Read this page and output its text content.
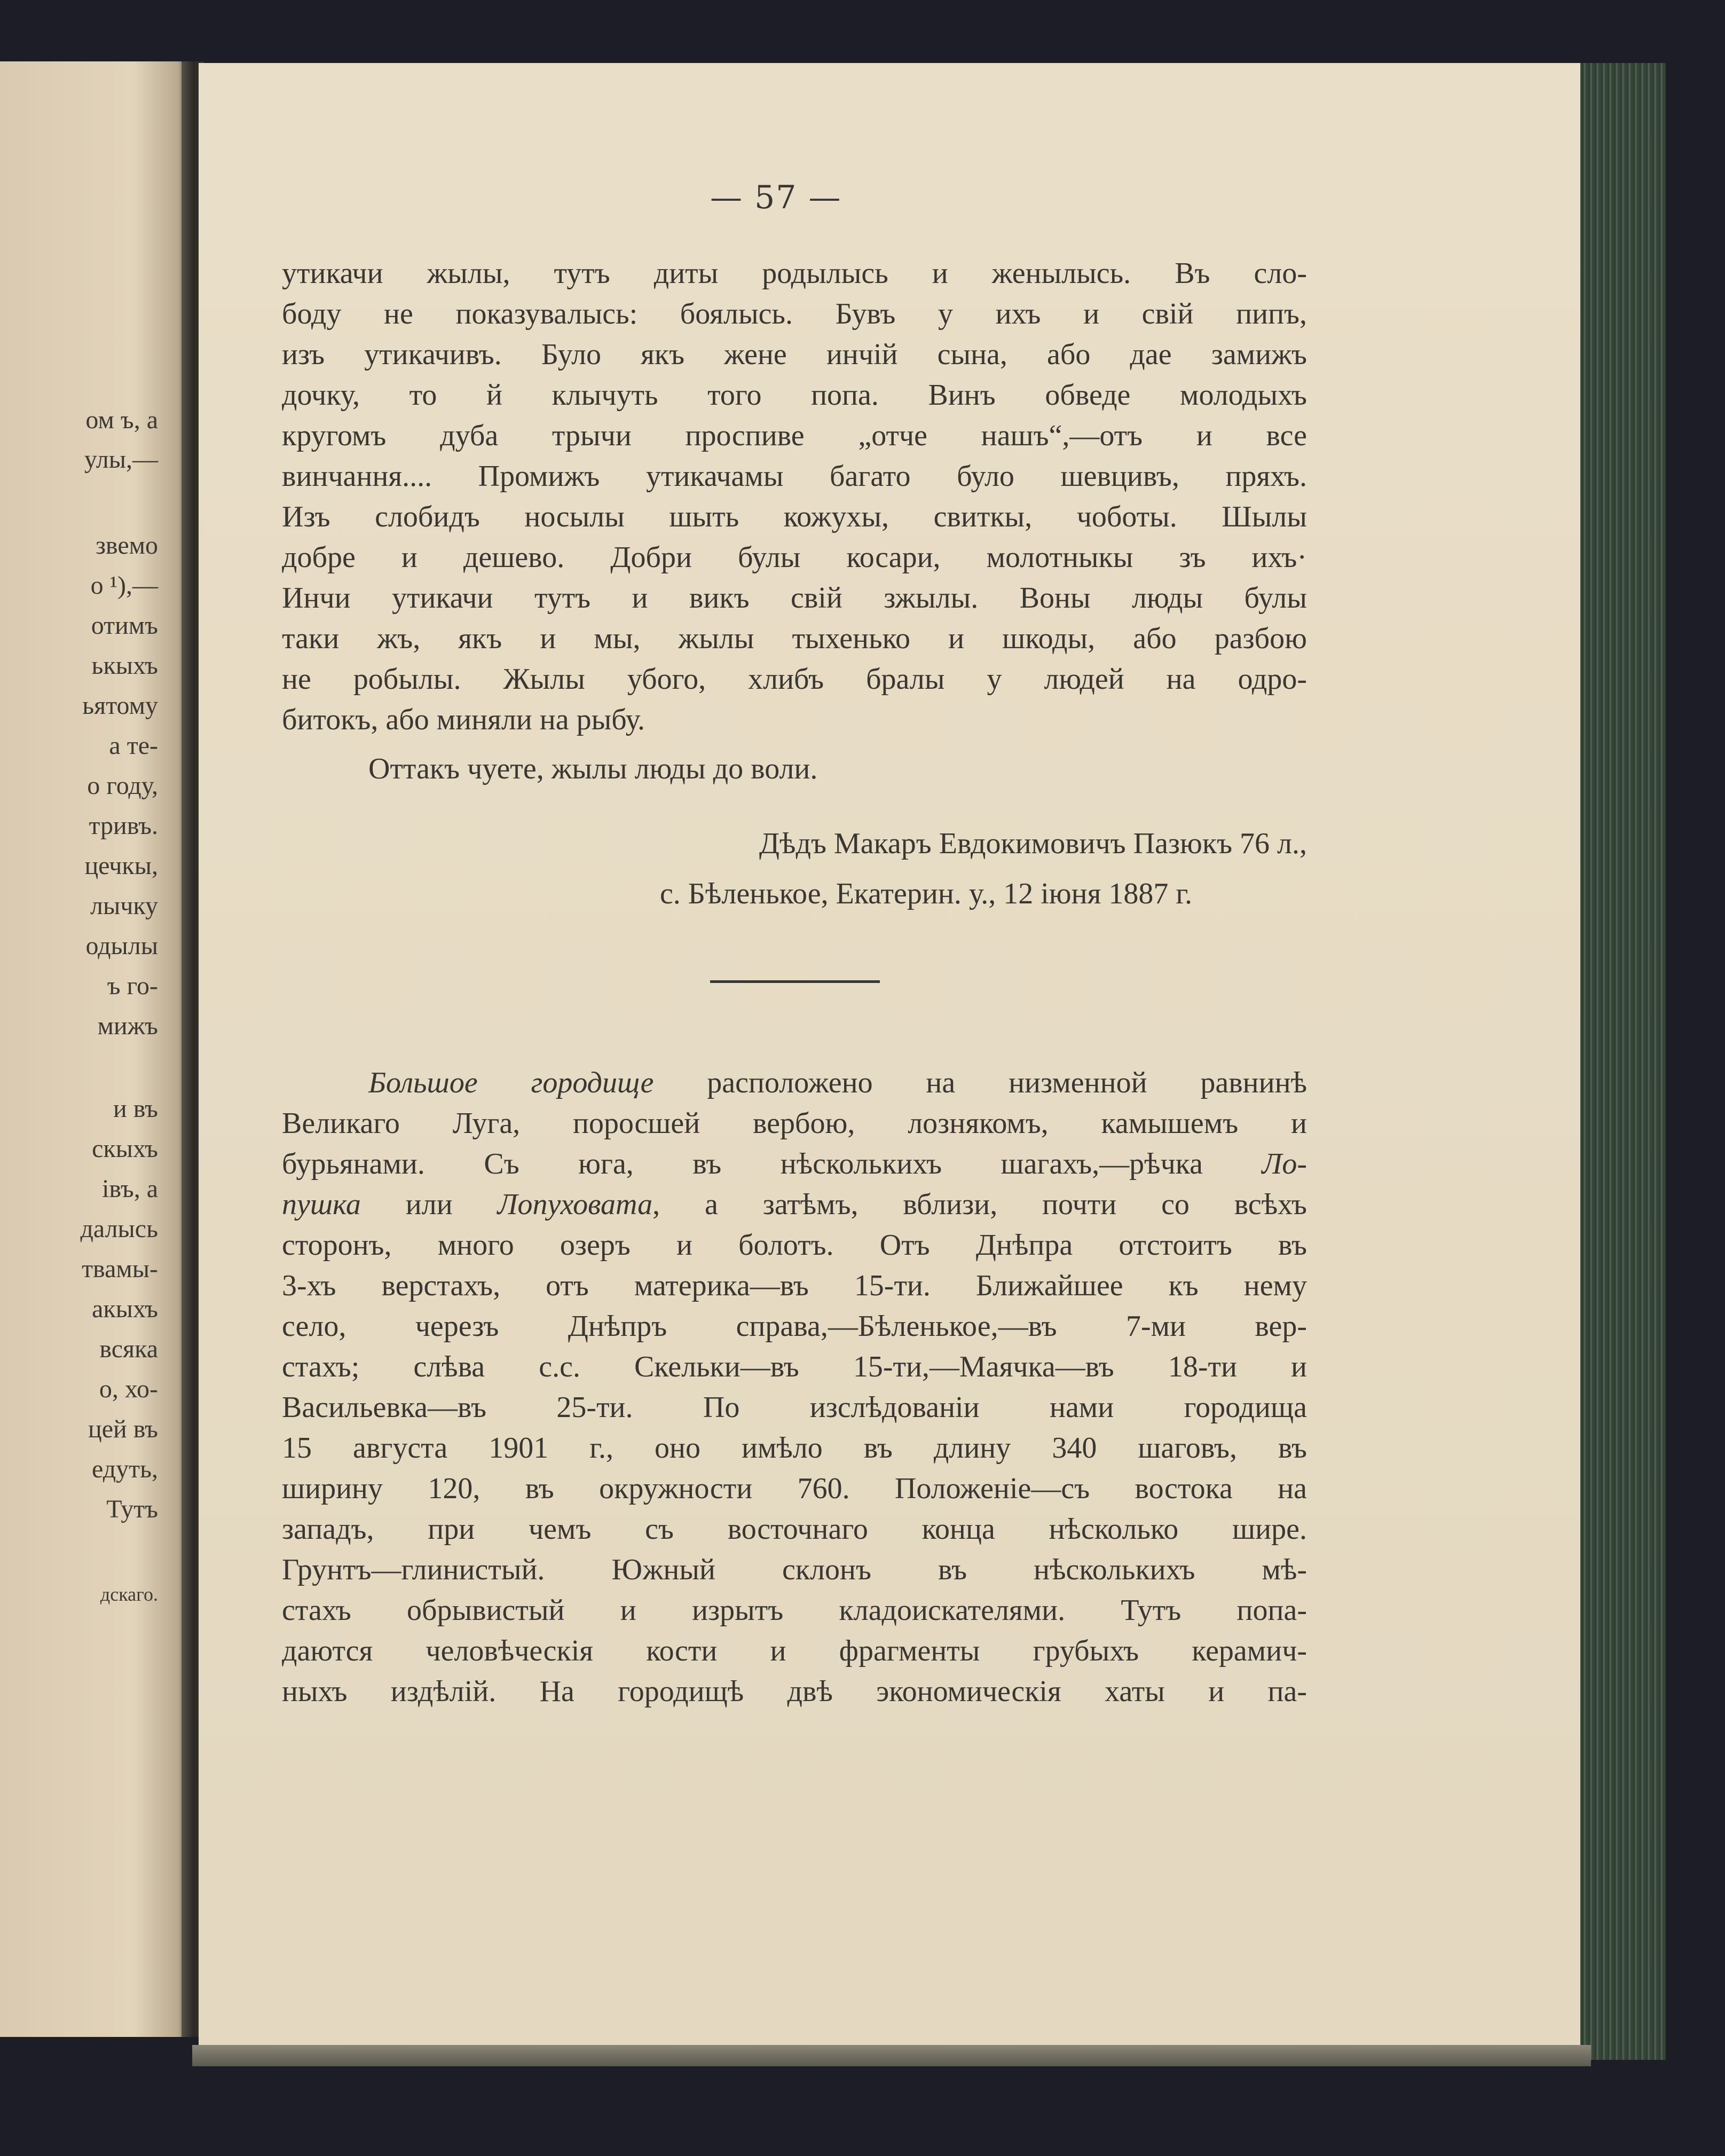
ом ъ, а

улы,—

звемо

о ¹),—

отимъ

ькыхъ

ьятому

а те-

о году,

тривъ.

цечкы,

лычку

одылы

ъ го-

мижъ

и въ

скыхъ

івъ, а

далысь

твамы-

акыхъ

всяка

о, хо-

цей въ

едуть,

Тутъ

дскаго.

— 57 —

утикачи жылы, тутъ диты родылысь и женылысь. Въ сло-

боду не показувалысь: боялысь. Бувъ у ихъ и свій пипъ,

изъ утикачивъ. Було якъ жене инчій сына, або дае замижъ

дочку, то й клычуть того попа. Винъ обведе молодыхъ

кругомъ дуба трычи проспиве „отче нашъ“,—отъ и все

винчання.... Промижъ утикачамы багато було шевцивъ, пряхъ.

Изъ слобидъ носылы шыть кожухы, свиткы, чоботы. Шылы

добре и дешево. Добри булы косари, молотныкы зъ ихъ·

Инчи утикачи тутъ и викъ свій зжылы. Воны люды булы

таки жъ, якъ и мы, жылы тыхенько и шкоды, або разбою

не робылы. Жылы убого, хлибъ бралы у людей на одро-

битокъ, або миняли на рыбу.

Оттакъ чуете, жылы люды до воли.

Дѣдъ Макаръ Евдокимовичъ Пазюкъ 76 л.,

с. Бѣленькое, Екатерин. у., 12 іюня 1887 г.

Большое городище расположено на низменной равнинѣ

Великаго Луга, поросшей вербою, лознякомъ, камышемъ и

бурьянами. Съ юга, въ нѣсколькихъ шагахъ,—рѣчка Ло-

пушка или Лопуховата, а затѣмъ, вблизи, почти со всѣхъ

сторонъ, много озеръ и болотъ. Отъ Днѣпра отстоитъ въ

3-хъ верстахъ, отъ материка—въ 15-ти. Ближайшее къ нему

село, черезъ Днѣпръ справа,—Бѣленькое,—въ 7-ми вер-

стахъ; слѣва с.с. Скельки—въ 15-ти,—Маячка—въ 18-ти и

Васильевка—въ 25-ти. По изслѣдованіи нами городища

15 августа 1901 г., оно имѣло въ длину 340 шаговъ, въ

ширину 120, въ окружности 760. Положеніе—съ востока на

западъ, при чемъ съ восточнаго конца нѣсколько шире.

Грунтъ—глинистый. Южный склонъ въ нѣсколькихъ мѣ-

стахъ обрывистый и изрытъ кладоискателями. Тутъ попа-

даются человѣческія кости и фрагменты грубыхъ керамич-

ныхъ издѣлій. На городищѣ двѣ экономическія хаты и па-
